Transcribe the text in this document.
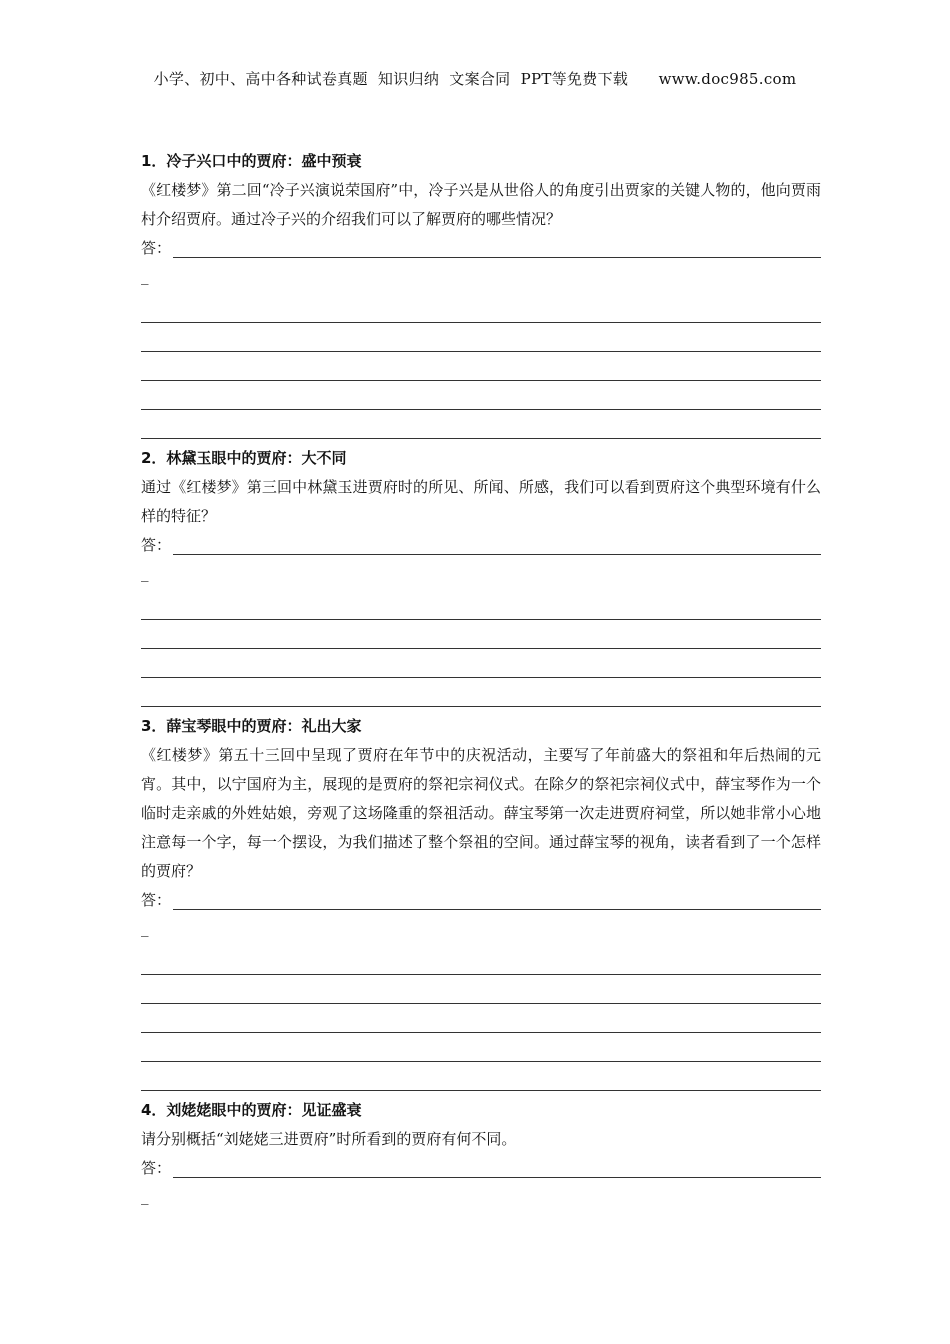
小学、初中、高中各种试卷真题  知识归纳  文案合同  PPT等免费下载      www.doc985.com
1．冷子兴口中的贾府：盛中预衰

《红楼梦》第二回“冷子兴演说荣国府”中，冷子兴是从世俗人的角度引出贾家的关键人物的，他向贾雨村介绍贾府。通过冷子兴的介绍我们可以了解贾府的哪些情况？

答：
_
2．林黛玉眼中的贾府：大不同

通过《红楼梦》第三回中林黛玉进贾府时的所见、所闻、所感，我们可以看到贾府这个典型环境有什么样的特征？

答：
_
3．薛宝琴眼中的贾府：礼出大家

《红楼梦》第五十三回中呈现了贾府在年节中的庆祝活动，主要写了年前盛大的祭祖和年后热闹的元宵。其中，以宁国府为主，展现的是贾府的祭祀宗祠仪式。在除夕的祭祀宗祠仪式中，薛宝琴作为一个临时走亲戚的外姓姑娘，旁观了这场隆重的祭祖活动。薛宝琴第一次走进贾府祠堂，所以她非常小心地注意每一个字，每一个摆设，为我们描述了整个祭祖的空间。通过薛宝琴的视角，读者看到了一个怎样的贾府？

答：
_
4．刘姥姥眼中的贾府：见证盛衰

请分别概括“刘姥姥三进贾府”时所看到的贾府有何不同。

答：
_
